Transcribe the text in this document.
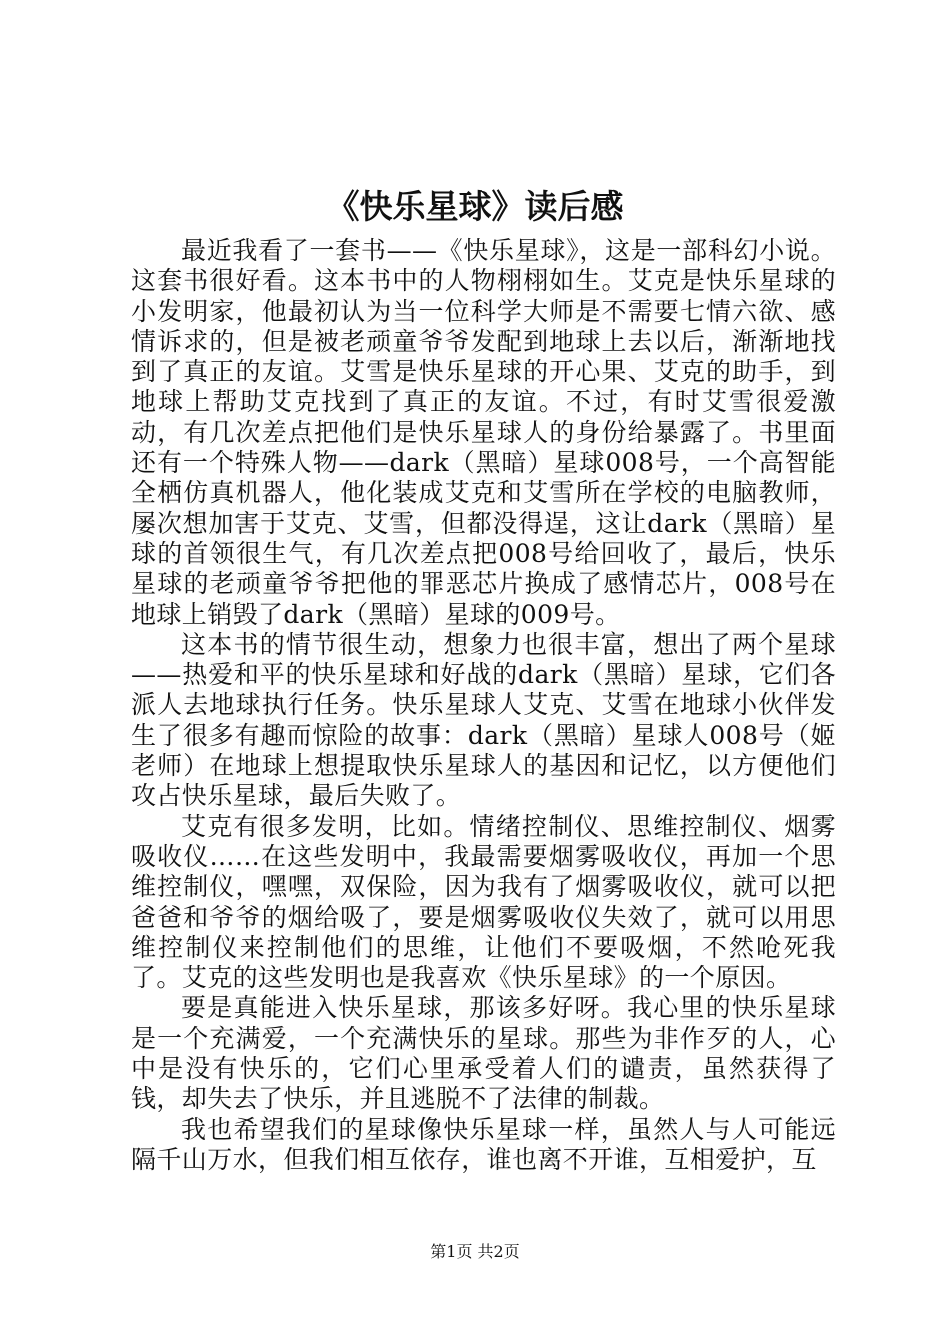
《快乐星球》读后感

最近我看了一套书——《快乐星球》，这是一部科幻小说。这套书很好看。这本书中的人物栩栩如生。艾克是快乐星球的小发明家，他最初认为当一位科学大师是不需要七情六欲、感情诉求的，但是被老顽童爷爷发配到地球上去以后，渐渐地找到了真正的友谊。艾雪是快乐星球的开心果、艾克的助手，到地球上帮助艾克找到了真正的友谊。不过，有时艾雪很爱激动，有几次差点把他们是快乐星球人的身份给暴露了。书里面还有一个特殊人物——dark（黑暗）星球008号，一个高智能全栖仿真机器人，他化装成艾克和艾雪所在学校的电脑教师，屡次想加害于艾克、艾雪，但都没得逞，这让dark（黑暗）星球的首领很生气，有几次差点把008号给回收了，最后，快乐星球的老顽童爷爷把他的罪恶芯片换成了感情芯片，008号在地球上销毁了dark（黑暗）星球的009号。

这本书的情节很生动，想象力也很丰富，想出了两个星球——热爱和平的快乐星球和好战的dark（黑暗）星球，它们各派人去地球执行任务。快乐星球人艾克、艾雪在地球小伙伴发生了很多有趣而惊险的故事：dark（黑暗）星球人008号（姬老师）在地球上想提取快乐星球人的基因和记忆，以方便他们攻占快乐星球，最后失败了。

艾克有很多发明，比如。情绪控制仪、思维控制仪、烟雾吸收仪……在这些发明中，我最需要烟雾吸收仪，再加一个思维控制仪，嘿嘿，双保险，因为我有了烟雾吸收仪，就可以把爸爸和爷爷的烟给吸了，要是烟雾吸收仪失效了，就可以用思维控制仪来控制他们的思维，让他们不要吸烟，不然呛死我了。艾克的这些发明也是我喜欢《快乐星球》的一个原因。

要是真能进入快乐星球，那该多好呀。我心里的快乐星球是一个充满爱，一个充满快乐的星球。那些为非作歹的人，心中是没有快乐的，它们心里承受着人们的谴责，虽然获得了钱，却失去了快乐，并且逃脱不了法律的制裁。

我也希望我们的星球像快乐星球一样，虽然人与人可能远隔千山万水，但我们相互依存，谁也离不开谁，互相爱护，互

第1页 共2页
